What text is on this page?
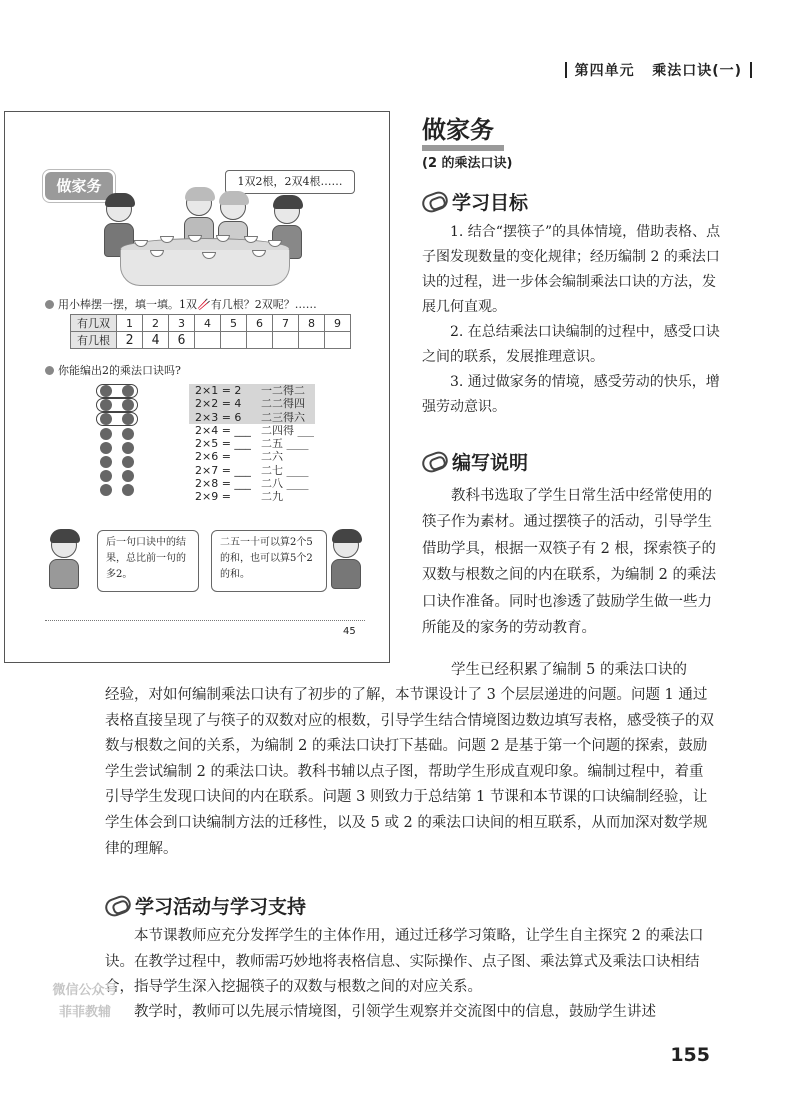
第四单元 乘法口诀(一)
做家务	1双2根，2双4根……
用小棒摆一摆，填一填。1双🥢有几根？2双呢？……
有几双	1	2	3	4	5	6	7	8	9
有几根	2	4	6						
你能编出2的乘法口诀吗?
2×1 = 2 一二得二
2×2 = 4 二二得四
2×3 = 6 二三得六
2×4 = ___ 二四得 ___
2×5 = ___ 二五 ____
2×6 =	二六
2×7 = ___ 二七 ____
2×8 = ___ 二八 ____
2×9 =	二九
后一句口诀中的结果，总比前一句的多2。
二五一十可以算2个5的和，也可以算5个2的和。
45
做家务
(2 的乘法口诀)
学习目标
1. 结合“摆筷子”的具体情境，借助表格、点子图发现数量的变化规律；经历编制 2 的乘法口诀的过程，进一步体会编制乘法口诀的方法，发展几何直观。
2. 在总结乘法口诀编制的过程中，感受口诀之间的联系，发展推理意识。
3. 通过做家务的情境，感受劳动的快乐，增强劳动意识。
编写说明
教科书选取了学生日常生活中经常使用的筷子作为素材。通过摆筷子的活动，引导学生借助学具，根据一双筷子有 2 根，探索筷子的双数与根数之间的内在联系，为编制 2 的乘法口诀作准备。同时也渗透了鼓励学生做一些力所能及的家务的劳动教育。
学生已经积累了编制 5 的乘法口诀的
经验，对如何编制乘法口诀有了初步的了解，本节课设计了 3 个层层递进的问题。问题 1 通过表格直接呈现了与筷子的双数对应的根数，引导学生结合情境图边数边填写表格，感受筷子的双数与根数之间的关系，为编制 2 的乘法口诀打下基础。问题 2 是基于第一个问题的探索，鼓励学生尝试编制 2 的乘法口诀。教科书辅以点子图，帮助学生形成直观印象。编制过程中，着重引导学生发现口诀间的内在联系。问题 3 则致力于总结第 1 节课和本节课的口诀编制经验，让学生体会到口诀编制方法的迁移性，以及 5 或 2 的乘法口诀间的相互联系，从而加深对数学规律的理解。
学习活动与学习支持
本节课教师应充分发挥学生的主体作用，通过迁移学习策略，让学生自主探究 2 的乘法口诀。在教学过程中，教师需巧妙地将表格信息、实际操作、点子图、乘法算式及乘法口诀相结合，指导学生深入挖掘筷子的双数与根数之间的对应关系。
教学时，教师可以先展示情境图，引领学生观察并交流图中的信息，鼓励学生讲述
微信公众号
菲菲教辅
155
